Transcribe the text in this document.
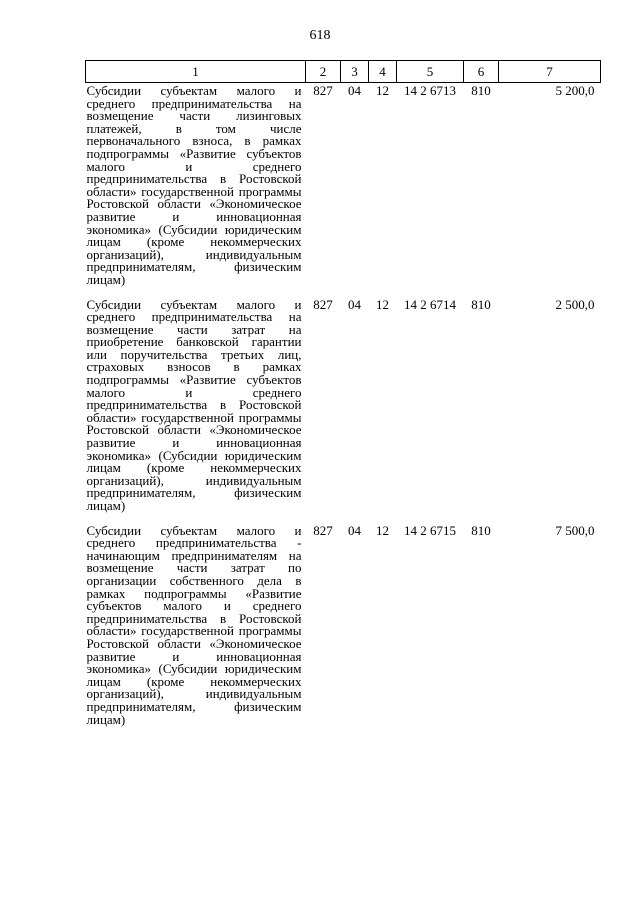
618
1	2	3	4	5	6	7
Субсидии субъектам малого и среднего предпринимательства на возмещение части лизинговых платежей, в том числе первоначального взноса, в рамках подпрограммы «Развитие субъектов малого и среднего предпринимательства в Ростовской области» государственной программы Ростовской области «Экономическое развитие и инновационная экономика» (Субсидии юридическим лицам (кроме некоммерческих организаций), индивидуальным предпринимателям, физическим лицам)	827	04	12	14 2 6713	810	5 200,0
Субсидии субъектам малого и среднего предпринимательства на возмещение части затрат на приобретение банковской гарантии или поручительства третьих лиц, страховых взносов в рамках подпрограммы «Развитие субъектов малого и среднего предпринимательства в Ростовской области» государственной программы Ростовской области «Экономическое развитие и инновационная экономика» (Субсидии юридическим лицам (кроме некоммерческих организаций), индивидуальным предпринимателям, физическим лицам)	827	04	12	14 2 6714	810	2 500,0
Субсидии субъектам малого и среднего предпринимательства - начинающим предпринимателям на возмещение части затрат по организации собственного дела в рамках подпрограммы «Развитие субъектов малого и среднего предпринимательства в Ростовской области» государственной программы Ростовской области «Экономическое развитие и инновационная экономика» (Субсидии юридическим лицам (кроме некоммерческих организаций), индивидуальным предпринимателям, физическим лицам)	827	04	12	14 2 6715	810	7 500,0
